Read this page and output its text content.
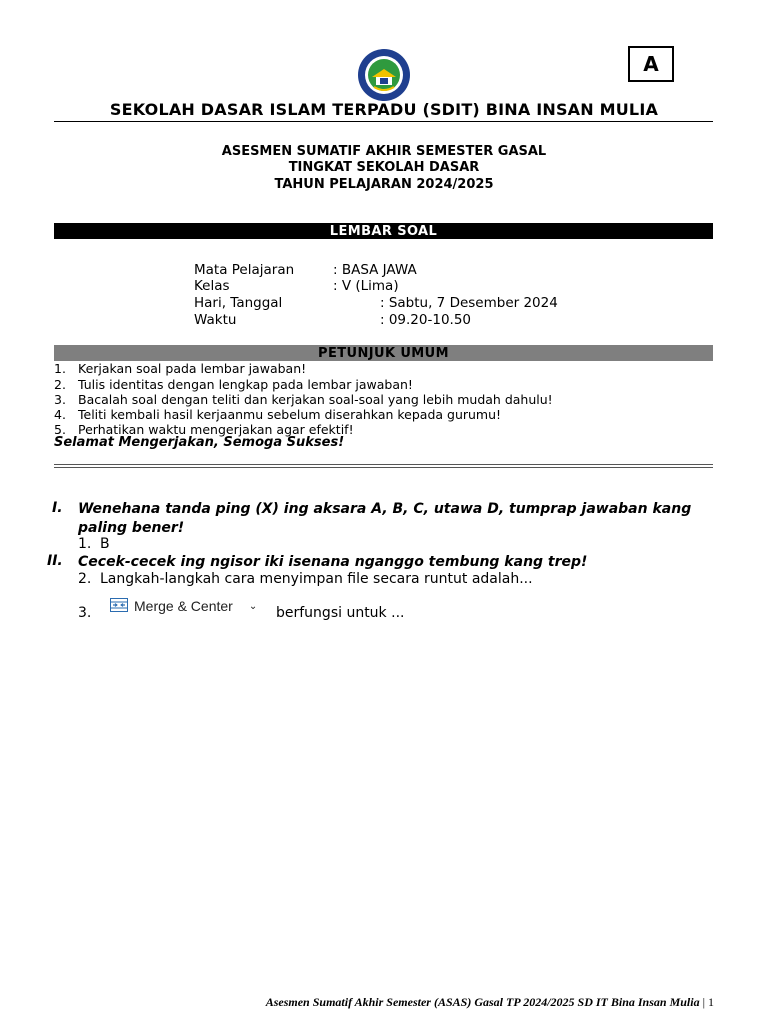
A
SEKOLAH DASAR ISLAM TERPADU (SDIT) BINA INSAN MULIA
ASESMEN SUMATIF AKHIR SEMESTER GASAL
TINGKAT SEKOLAH DASAR
TAHUN PELAJARAN 2024/2025
LEMBAR SOAL
Mata Pelajaran	: BASA JAWA
Kelas	: V (Lima)
Hari, Tanggal	: Sabtu, 7 Desember 2024
Waktu	: 09.20-10.50
PETUNJUK UMUM
1. Kerjakan soal pada lembar jawaban!
2. Tulis identitas dengan lengkap pada lembar jawaban!
3. Bacalah soal dengan teliti dan kerjakan soal-soal yang lebih mudah dahulu!
4. Teliti kembali hasil kerjaanmu sebelum diserahkan kepada gurumu!
5. Perhatikan waktu mengerjakan agar efektif!
Selamat Mengerjakan, Semoga Sukses!
I. Wenehana tanda ping (X) ing aksara A, B, C, utawa D, tumprap jawaban kang paling bener!
1. B
II. Cecek-cecek ing ngisor iki isenana nganggo tembung kang trep!
2. Langkah-langkah cara menyimpan file secara runtut adalah...
3.	Merge & Center ⌄ berfungsi untuk ...
Asesmen Sumatif Akhir Semester (ASAS) Gasal TP 2024/2025 SD IT Bina Insan Mulia | 1
